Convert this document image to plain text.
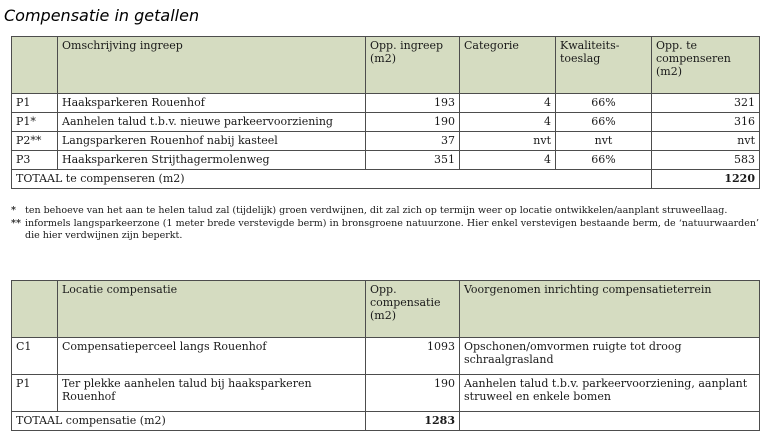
Compensatie in getallen
	Omschrijving ingreep	Opp. ingreep (m2)	Categorie	Kwaliteits-toeslag	Opp. te compenseren (m2)
P1	Haaksparkeren Rouenhof	193	4	66%	321
P1*	Aanhelen talud t.b.v. nieuwe parkeervoorziening	190	4	66%	316
P2**	Langsparkeren Rouenhof nabij kasteel	37	nvt	nvt	nvt
P3	Haaksparkeren Strijthagermolenweg	351	4	66%	583
TOTAAL te compenseren (m2)					1220
* ten behoeve van het aan te helen talud zal (tijdelijk) groen verdwijnen, dit zal zich op termijn weer op locatie ontwikkelen/aanplant struweellaag.
** informels langsparkeerzone (1 meter brede verstevigde berm) in bronsgroene natuurzone. Hier enkel verstevigen bestaande berm, de ‘natuurwaarden’ die hier verdwijnen zijn beperkt.
	Locatie compensatie	Opp. compensatie (m2)	Voorgenomen inrichting compensatieterrein
C1	Compensatieperceel langs Rouenhof	1093	Opschonen/omvormen ruigte tot droog schraalgrasland
P1	Ter plekke aanhelen talud bij haaksparkeren Rouenhof	190	Aanhelen talud t.b.v. parkeervoorziening, aanplant struweel en enkele bomen
TOTAAL compensatie (m2)		1283	
